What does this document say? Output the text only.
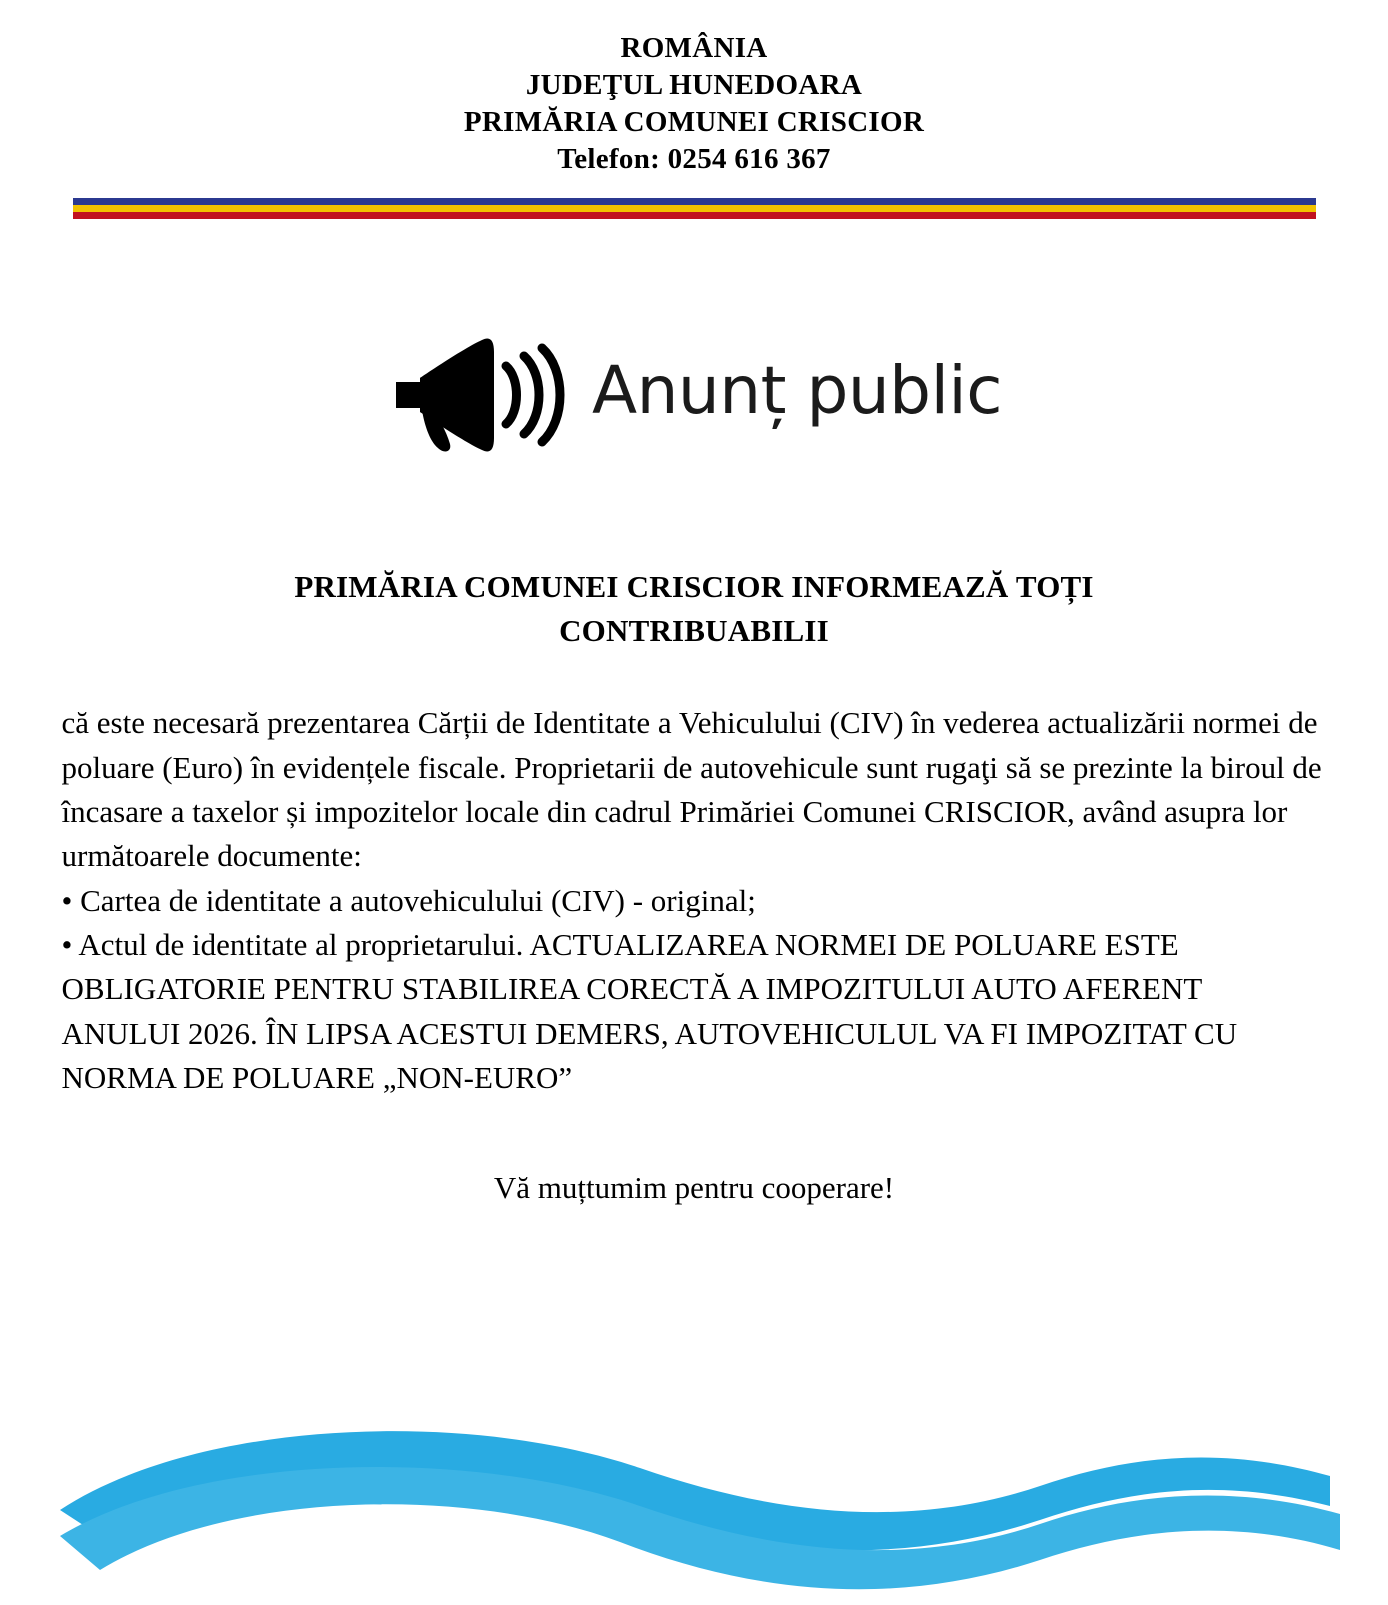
ROMÂNIA
JUDEŢUL HUNEDOARA
PRIMĂRIA COMUNEI CRISCIOR
Telefon: 0254 616 367
Anunț public
PRIMĂRIA COMUNEI CRISCIOR INFORMEAZĂ TOȚI CONTRIBUABILII

că este necesară prezentarea Cărții de Identitate a Vehiculului (CIV) în vederea actualizării normei de poluare (Euro) în evidențele fiscale. Proprietarii de autovehicule sunt rugaţi să se prezinte la biroul de încasare a taxelor și impozitelor locale din cadrul Primăriei Comunei CRISCIOR, având asupra lor următoarele documente:

• Cartea de identitate a autovehiculului (CIV) - original;

• Actul de identitate al proprietarului. ACTUALIZAREA NORMEI DE POLUARE ESTE OBLIGATORIE PENTRU STABILIREA CORECTĂ A IMPOZITULUI AUTO AFERENT ANULUI 2026. ÎN LIPSA ACESTUI DEMERS, AUTOVEHICULUL VA FI IMPOZITAT CU NORMA DE POLUARE „NON-EURO”

Vă muțtumim pentru cooperare!
